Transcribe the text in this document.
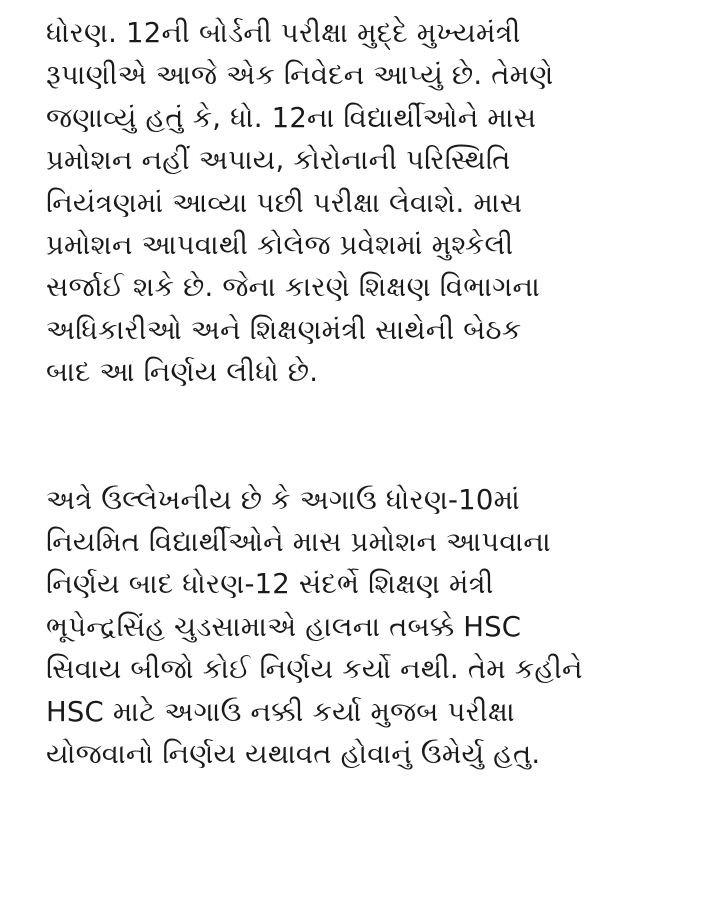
ધોરણ. 12ની બોર્ડની પરીક્ષા મુદ્દે મુખ્યમંત્રી
રૂપાણીએ આજે એક નિવેદન આપ્યું છે. તેમણે
જણાવ્યું હતું કે, ધો. 12ના વિદ્યાર્થીઓને માસ
પ્રમોશન નહીં અપાય, કોરોનાની પરિસ્થિતિ
નિયંત્રણમાં આવ્યા પછી પરીક્ષા લેવાશે. માસ
પ્રમોશન આપવાથી કોલેજ પ્રવેશમાં મુશ્કેલી
સર્જાઈ શકે છે. જેના કારણે શિક્ષણ વિભાગના
અધિકારીઓ અને શિક્ષણમંત્રી સાથેની બેઠક
બાદ આ નિર્ણય લીધો છે.

અત્રે ઉલ્લેખનીય છે કે અગાઉ ધોરણ-10માં
નિયમિત વિદ્યાર્થીઓને માસ પ્રમોશન આપવાના
નિર્ણય બાદ ધોરણ-12 સંદર્ભે શિક્ષણ મંત્રી
ભૂપેન્દ્રસિંહ ચુડસામાએ હાલના તબક્કે HSC
સિવાય બીજો કોઈ નિર્ણય કર્યો નથી. તેમ કહીને
HSC માટે અગાઉ નક્કી કર્યા મુજબ પરીક્ષા
યોજવાનો નિર્ણય યથાવત હોવાનું ઉમેર્યુ હતુ.
